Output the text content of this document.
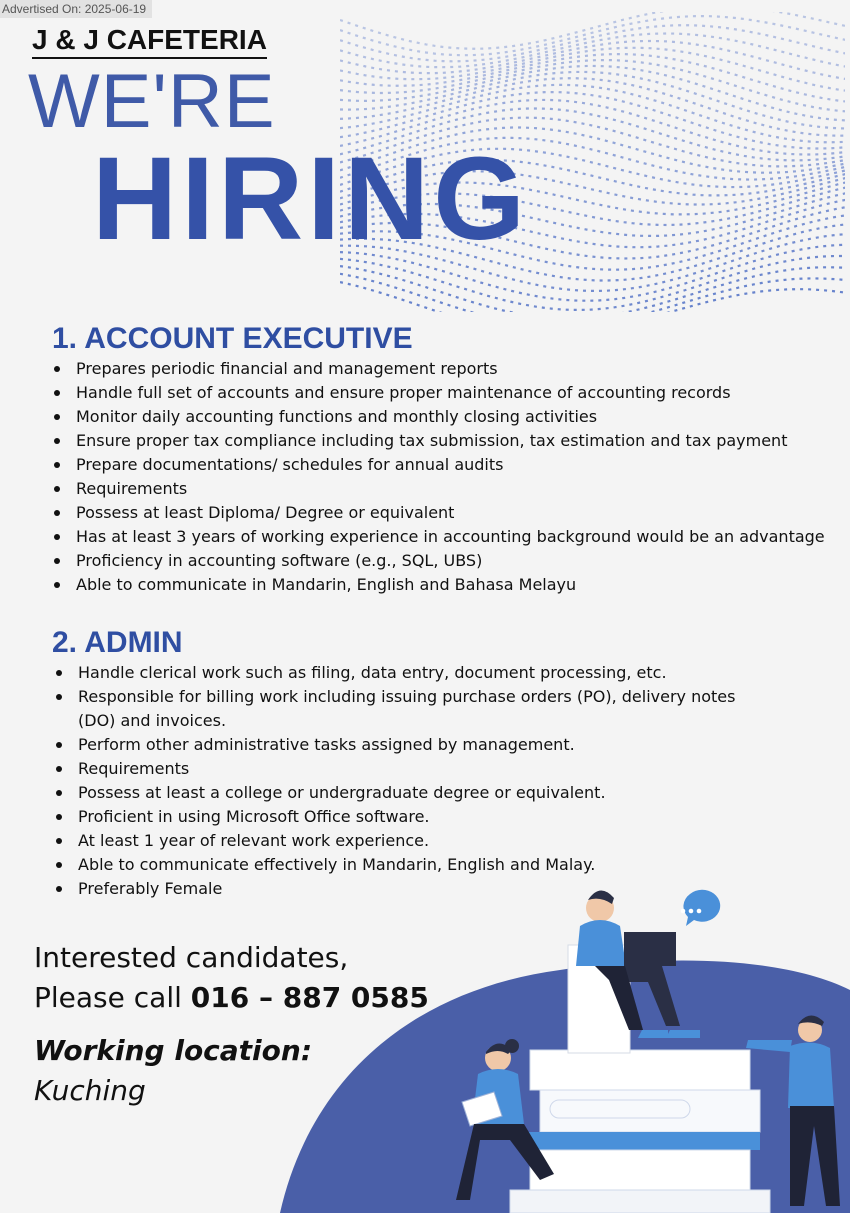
Advertised On: 2025-06-19
J & J CAFETERIA
WE'RE
HIRING
1. ACCOUNT EXECUTIVE
Prepares periodic financial and management reports
Handle full set of accounts and ensure proper maintenance of accounting records
Monitor daily accounting functions and monthly closing activities
Ensure proper tax compliance including tax submission, tax estimation and tax payment
Prepare documentations/ schedules for annual audits
Requirements
Possess at least Diploma/ Degree or equivalent
Has at least 3 years of working experience in accounting background would be an advantage
Proficiency in accounting software (e.g., SQL, UBS)
Able to communicate in Mandarin, English and Bahasa Melayu
2. ADMIN
Handle clerical work such as filing, data entry, document processing, etc.
Responsible for billing work including issuing purchase orders (PO), delivery notes (DO) and invoices.
Perform other administrative tasks assigned by management.
Requirements
Possess at least a college or undergraduate degree or equivalent.
Proficient in using Microsoft Office software.
At least 1 year of relevant work experience.
Able to communicate effectively in Mandarin, English and Malay.
Preferably Female
Interested candidates,
Please call 016 – 887 0585
Working location:
Kuching
